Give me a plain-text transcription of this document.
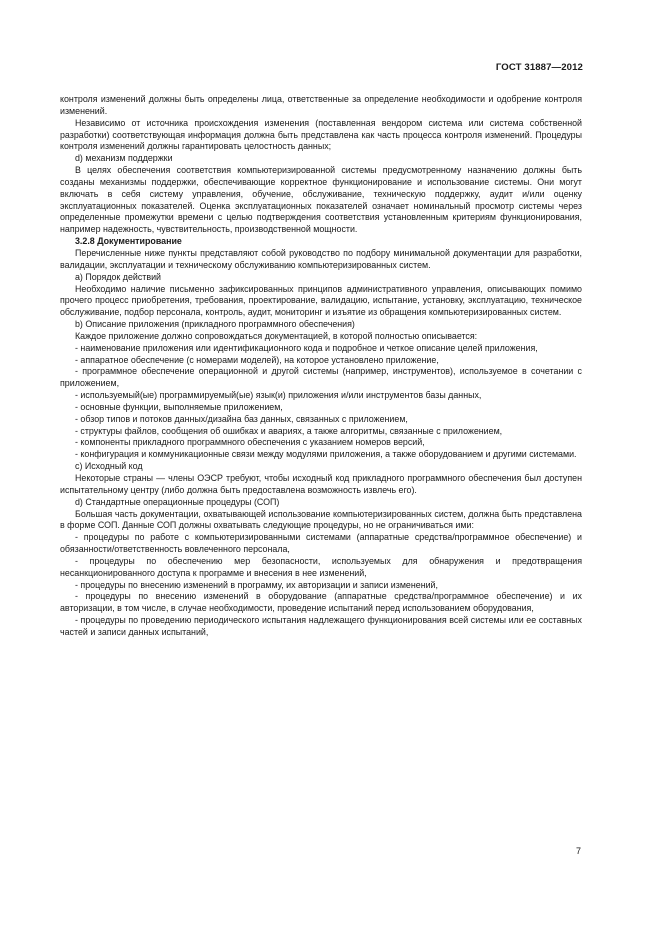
ГОСТ 31887—2012

контроля изменений должны быть определены лица, ответственные за определение необходимости и одобрение контроля изменений.

Независимо от источника происхождения изменения (поставленная вендором система или система собственной разработки) соответствующая информация должна быть представлена как часть процесса контроля изменений. Процедуры контроля изменений должны гарантировать целостность данных;

d) механизм поддержки

В целях обеспечения соответствия компьютеризированной системы предусмотренному назначению должны быть созданы механизмы поддержки, обеспечивающие корректное функционирование и использование системы. Они могут включать в себя систему управления, обучение, обслуживание, техническую поддержку, аудит и/или оценку эксплуатационных показателей. Оценка эксплуатационных показателей означает номинальный просмотр системы через определенные промежутки времени с целью подтверждения соответствия установленным критериям функционирования, например надежность, чувствительность, производственной мощности.

3.2.8 Документирование

Перечисленные ниже пункты представляют собой руководство по подбору минимальной документации для разработки, валидации, эксплуатации и техническому обслуживанию компьютеризированных систем.

а) Порядок действий

Необходимо наличие письменно зафиксированных принципов административного управления, описывающих помимо прочего процесс приобретения, требования, проектирование, валидацию, испытание, установку, эксплуатацию, техническое обслуживание, подбор персонала, контроль, аудит, мониторинг и изъятие из обращения компьютеризированных систем.

b) Описание приложения (прикладного программного обеспечения)

Каждое приложение должно сопровождаться документацией, в которой полностью описывается:

- наименование приложения или идентификационного кода и подробное и четкое описание целей приложения,

- аппаратное обеспечение (с номерами моделей), на которое установлено приложение,

- программное обеспечение операционной и другой системы (например, инструментов), используемое в сочетании с приложением,

- используемый(ые) программируемый(ые) язык(и) приложения и/или инструментов базы данных,

- основные функции, выполняемые приложением,

- обзор типов и потоков данных/дизайна баз данных, связанных с приложением,

- структуры файлов, сообщения об ошибках и авариях, а также алгоритмы, связанные с приложением,

- компоненты прикладного программного обеспечения с указанием номеров версий,

- конфигурация и коммуникационные связи между модулями приложения, а также оборудованием и другими системами.

с) Исходный код

Некоторые страны — члены ОЭСР требуют, чтобы исходный код прикладного программного обеспечения был доступен испытательному центру (либо должна быть предоставлена возможность извлечь его).

d) Стандартные операционные процедуры (СОП)

Большая часть документации, охватывающей использование компьютеризированных систем, должна быть представлена в форме СОП. Данные СОП должны охватывать следующие процедуры, но не ограничиваться ими:

- процедуры по работе с компьютеризированными системами (аппаратные средства/программное обеспечение) и обязанности/ответственность вовлеченного персонала,

- процедуры по обеспечению мер безопасности, используемых для обнаружения и предотвращения несанкционированного доступа к программе и внесения в нее изменений,

- процедуры по внесению изменений в программу, их авторизации и записи изменений,

- процедуры по внесению изменений в оборудование (аппаратные средства/программное обеспечение) и их авторизации, в том числе, в случае необходимости, проведение испытаний перед использованием оборудования,

- процедуры по проведению периодического испытания надлежащего функционирования всей системы или ее составных частей и записи данных испытаний,

7
